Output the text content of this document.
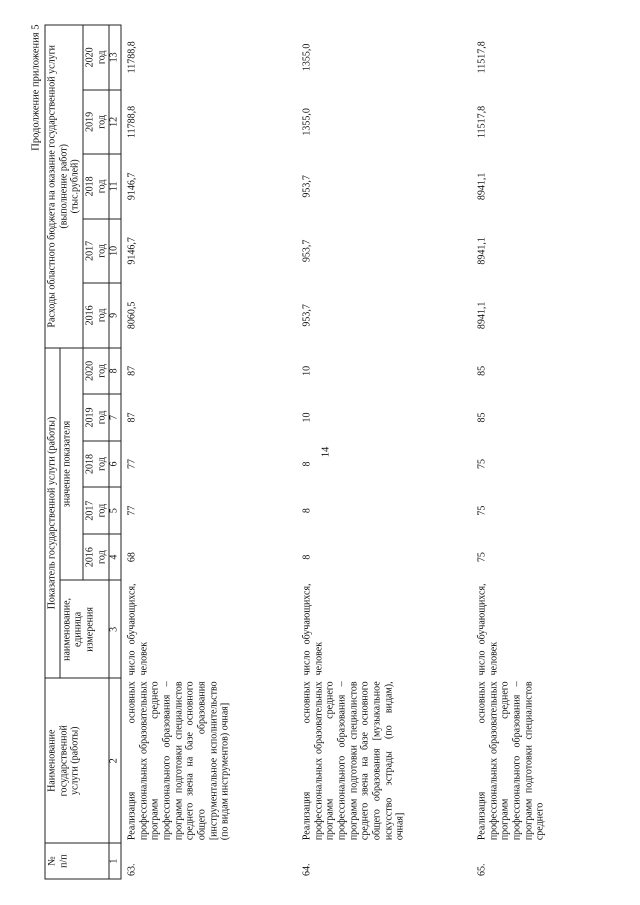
14
Продолжение приложения 5
№
п/п	Наименование
государственной
услуги (работы)	Показатель государственной услуги (работы)						Расходы областного бюджета на оказание государственной услуги (выполнение работ)
(тыс.рублей)				
		наименование,
единица
измерения	значение показателя									
			2016
год	2017
год	2018
год	2019
год	2020
год	2016
год	2017
год	2018
год	2019
год	2020
год
1	2	3	4	5	6	7	8	9	10	11	12	13
63.	Реализация основных профессиональных образовательных программ среднего профессионального образования – программ подготовки специалистов среднего звена на базе основного общего образования [инструментальное исполнительство (по видам инструментов) очная]	число обучающихся, человек	68	77	77	87	87	8060,5	9146,7	9146,7	11788,8	11788,8
64.	Реализация основных профессиональных образовательных программ среднего профессионального образования – программ подготовки специалистов среднего звена на базе основного общего образования [музыкальное искусство эстрады (по видам), очная]	число обучающихся, человек	8	8	8	10	10	953,7	953,7	953,7	1355,0	1355,0
65.	Реализация основных профессиональных образовательных программ среднего профессионального образования – программ подготовки специалистов среднего	число обучающихся, человек	75	75	75	85	85	8941,1	8941,1	8941,1	11517,8	11517,8
